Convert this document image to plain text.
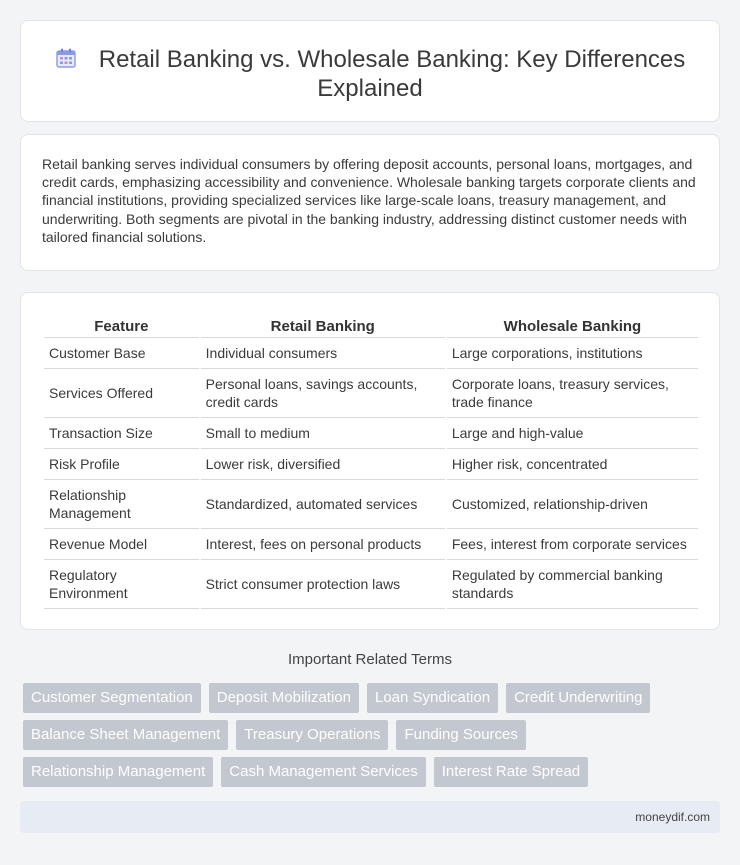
Retail Banking vs. Wholesale Banking: Key Differences
Explained

Retail banking serves individual consumers by offering deposit accounts, personal loans, mortgages, and credit cards, emphasizing accessibility and convenience. Wholesale banking targets corporate clients and financial institutions, providing specialized services like large-scale loans, treasury management, and underwriting. Both segments are pivotal in the banking industry, addressing distinct customer needs with tailored financial solutions.

Feature	Retail Banking	Wholesale Banking
Customer Base	Individual consumers	Large corporations, institutions
Services Offered	Personal loans, savings accounts, credit cards	Corporate loans, treasury services, trade finance
Transaction Size	Small to medium	Large and high-value
Risk Profile	Lower risk, diversified	Higher risk, concentrated
Relationship Management	Standardized, automated services	Customized, relationship-driven
Revenue Model	Interest, fees on personal products	Fees, interest from corporate services
Regulatory Environment	Strict consumer protection laws	Regulated by commercial banking standards
Important Related Terms
Customer Segmentation	Deposit Mobilization	Loan Syndication	Credit Underwriting
Balance Sheet Management	Treasury Operations	Funding Sources
Relationship Management	Cash Management Services	Interest Rate Spread
moneydif.com
